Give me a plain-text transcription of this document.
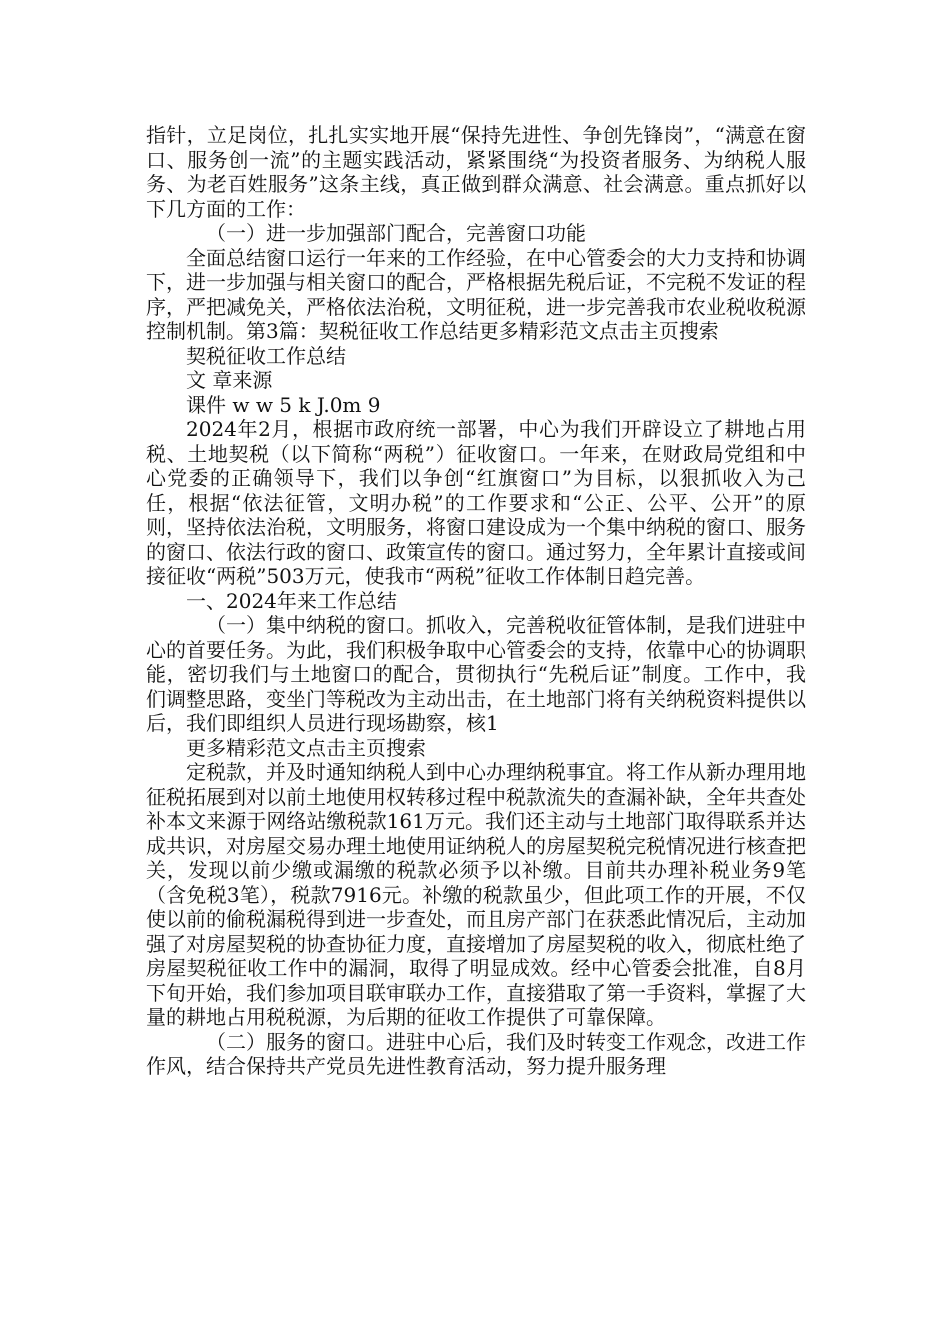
指针，立足岗位，扎扎实实地开展“保持先进性、争创先锋岗”，“满意在窗口、服务创一流”的主题实践活动，紧紧围绕“为投资者服务、为纳税人服务、为老百姓服务”这条主线，真正做到群众满意、社会满意。重点抓好以下几方面的工作：

（一）进一步加强部门配合，完善窗口功能

全面总结窗口运行一年来的工作经验，在中心管委会的大力支持和协调下，进一步加强与相关窗口的配合，严格根据先税后证，不完税不发证的程序，严把减免关，严格依法治税，文明征税，进一步完善我市农业税收税源控制机制。第3篇：契税征收工作总结更多精彩范文点击主页搜索

契税征收工作总结

文 章来源

课件 w w 5 k J.0m 9

2024年2月，根据市政府统一部署，中心为我们开辟设立了耕地占用税、土地契税（以下简称“两税”）征收窗口。一年来，在财政局党组和中心党委的正确领导下，我们以争创“红旗窗口”为目标，以狠抓收入为己任，根据“依法征管，文明办税”的工作要求和“公正、公平、公开”的原则，坚持依法治税，文明服务，将窗口建设成为一个集中纳税的窗口、服务的窗口、依法行政的窗口、政策宣传的窗口。通过努力，全年累计直接或间接征收“两税”503万元，使我市“两税”征收工作体制日趋完善。

一、2024年来工作总结

（一）集中纳税的窗口。抓收入，完善税收征管体制，是我们进驻中心的首要任务。为此，我们积极争取中心管委会的支持，依靠中心的协调职能，密切我们与土地窗口的配合，贯彻执行“先税后证”制度。工作中，我们调整思路，变坐门等税改为主动出击，在土地部门将有关纳税资料提供以后，我们即组织人员进行现场勘察，核1

更多精彩范文点击主页搜索

定税款，并及时通知纳税人到中心办理纳税事宜。将工作从新办理用地征税拓展到对以前土地使用权转移过程中税款流失的查漏补缺，全年共查处补本文来源于网络站缴税款161万元。我们还主动与土地部门取得联系并达成共识，对房屋交易办理土地使用证纳税人的房屋契税完税情况进行核查把关，发现以前少缴或漏缴的税款必须予以补缴。目前共办理补税业务9笔（含免税3笔），税款7916元。补缴的税款虽少，但此项工作的开展，不仅使以前的偷税漏税得到进一步查处，而且房产部门在获悉此情况后，主动加强了对房屋契税的协查协征力度，直接增加了房屋契税的收入，彻底杜绝了房屋契税征收工作中的漏洞，取得了明显成效。经中心管委会批准，自8月下旬开始，我们参加项目联审联办工作，直接猎取了第一手资料，掌握了大量的耕地占用税税源，为后期的征收工作提供了可靠保障。

（二）服务的窗口。进驻中心后，我们及时转变工作观念，改进工作作风，结合保持共产党员先进性教育活动，努力提升服务理
